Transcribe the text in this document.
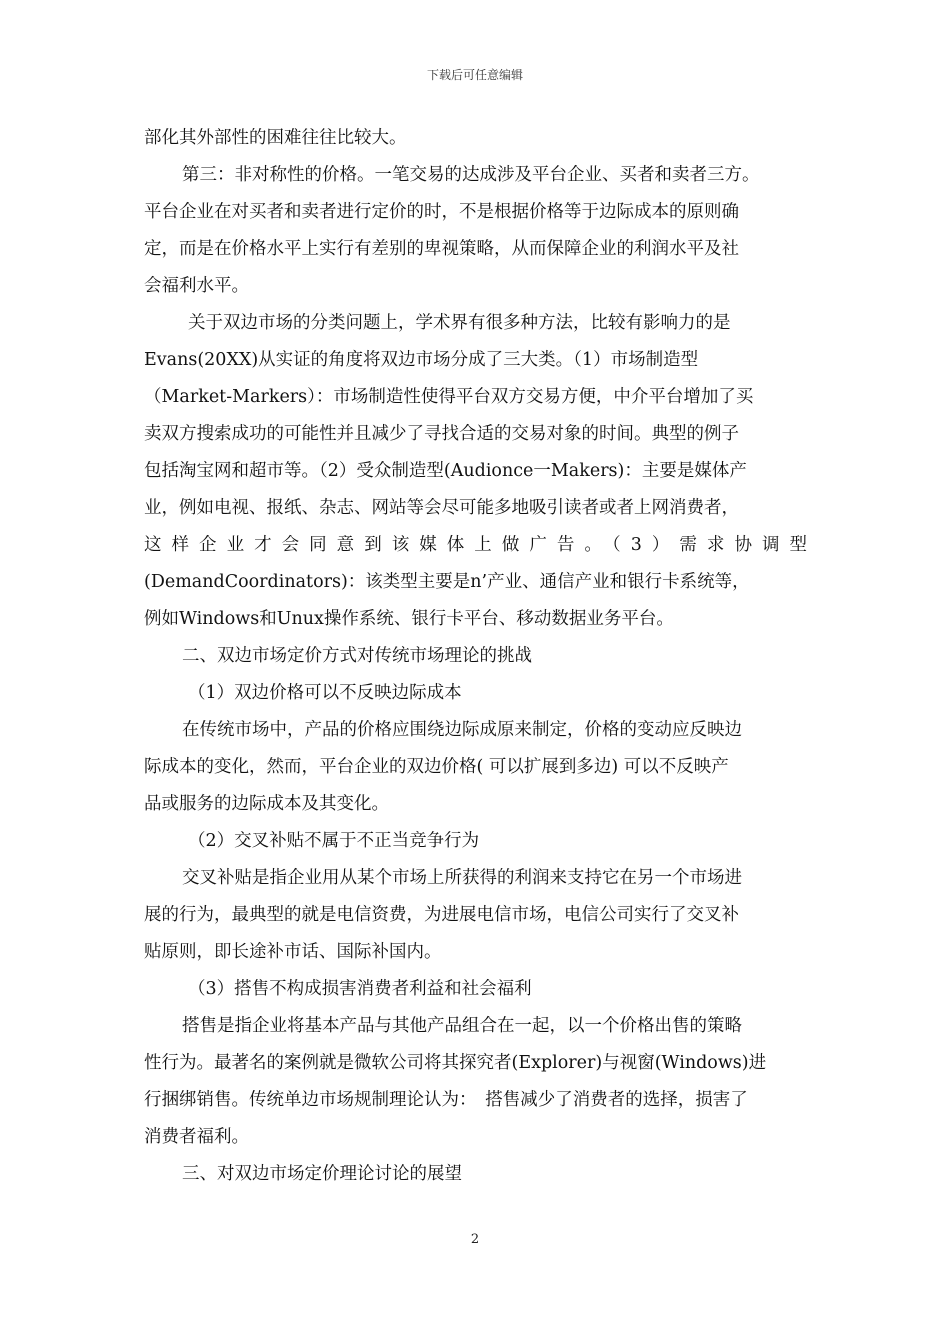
下载后可任意编辑
部化其外部性的困难往往比较大。
第三：非对称性的价格。一笔交易的达成涉及平台企业、买者和卖者三方。
平台企业在对买者和卖者进行定价的时，不是根据价格等于边际成本的原则确
定，而是在价格水平上实行有差别的卑视策略，从而保障企业的利润水平及社
会福利水平。
关于双边市场的分类问题上，学术界有很多种方法，比较有影响力的是
Evans(20XX)从实证的角度将双边市场分成了三大类。（1）市场制造型
（Market-Markers）：市场制造性使得平台双方交易方便，中介平台增加了买
卖双方搜索成功的可能性并且减少了寻找合适的交易对象的时间。典型的例子
包括淘宝网和超市等。（2）受众制造型(Audionce一Makers)：主要是媒体产
业，例如电视、报纸、杂志、网站等会尽可能多地吸引读者或者上网消费者，
这样企业才会同意到该媒体上做广告。（3）需求协调型
(DemandCoordinators)：该类型主要是n’产业、通信产业和银行卡系统等，
例如Windows和Unux操作系统、银行卡平台、移动数据业务平台。
二、双边市场定价方式对传统市场理论的挑战
（1）双边价格可以不反映边际成本
在传统市场中，产品的价格应围绕边际成原来制定，价格的变动应反映边
际成本的变化，然而，平台企业的双边价格( 可以扩展到多边) 可以不反映产
品或服务的边际成本及其变化。
（2）交叉补贴不属于不正当竞争行为
交叉补贴是指企业用从某个市场上所获得的利润来支持它在另一个市场进
展的行为，最典型的就是电信资费，为进展电信市场，电信公司实行了交叉补
贴原则，即长途补市话、国际补国内。
（3）搭售不构成损害消费者利益和社会福利
搭售是指企业将基本产品与其他产品组合在一起，以一个价格出售的策略
性行为。最著名的案例就是微软公司将其探究者(Explorer)与视窗(Windows)进
行捆绑销售。传统单边市场规制理论认为：　搭售减少了消费者的选择，损害了
消费者福利。
三、对双边市场定价理论讨论的展望
2
